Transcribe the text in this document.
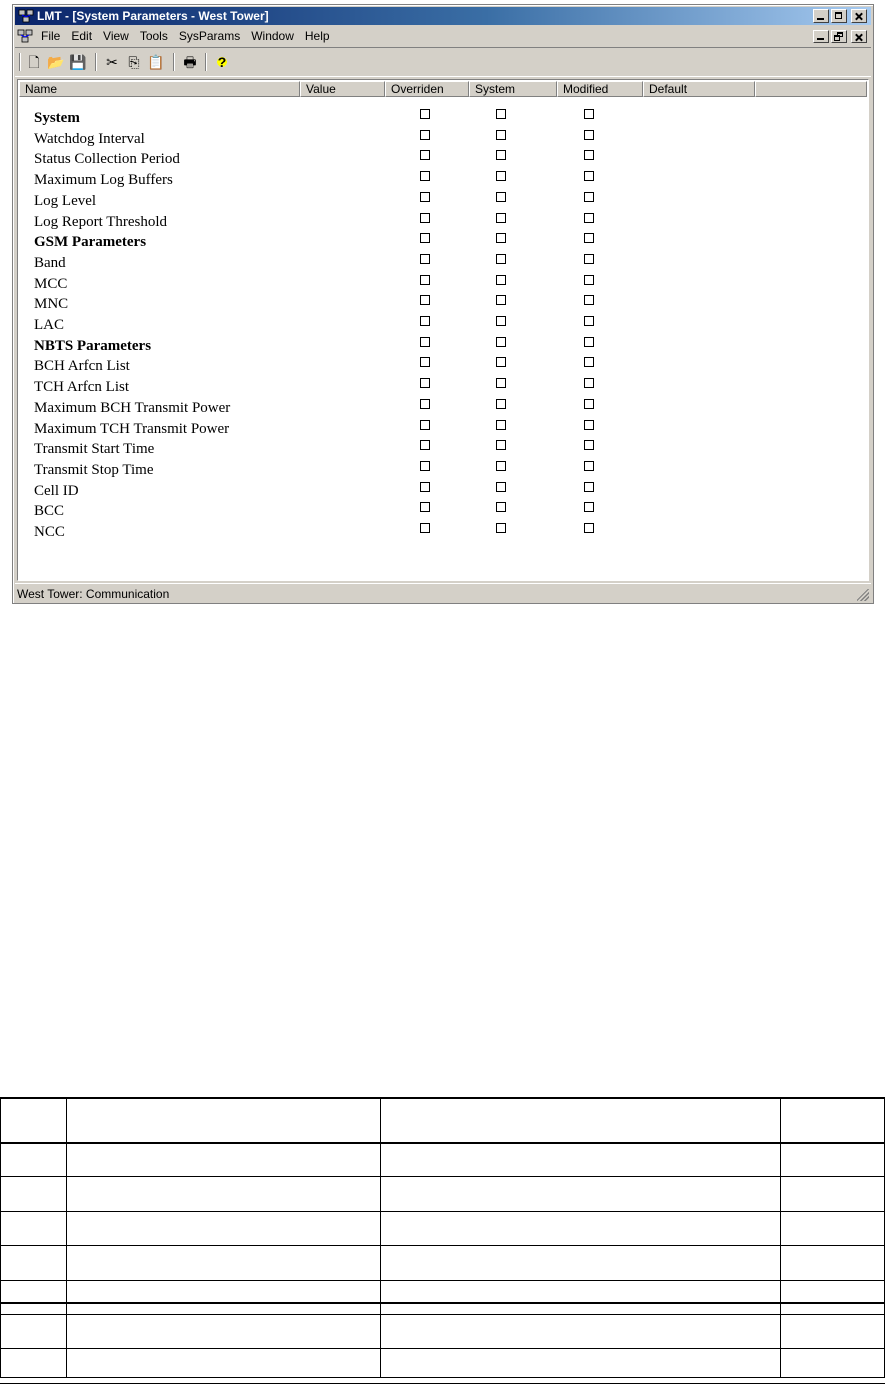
LMT - [System Parameters - West Tower]
File Edit View Tools SysParams Window Help
🗋 📂 💾 ✂ ⎘ 📋 🖶	?
Name	Value	Overriden	System	Modified	Default
System
Watchdog Interval
Status Collection Period
Maximum Log Buffers
Log Level
Log Report Threshold
GSM Parameters
Band
MCC
MNC
LAC
NBTS Parameters
BCH Arfcn List
TCH Arfcn List
Maximum BCH Transmit Power
Maximum TCH Transmit Power
Transmit Start Time
Transmit Stop Time
Cell ID
BCC
NCC
West Tower: Communication
